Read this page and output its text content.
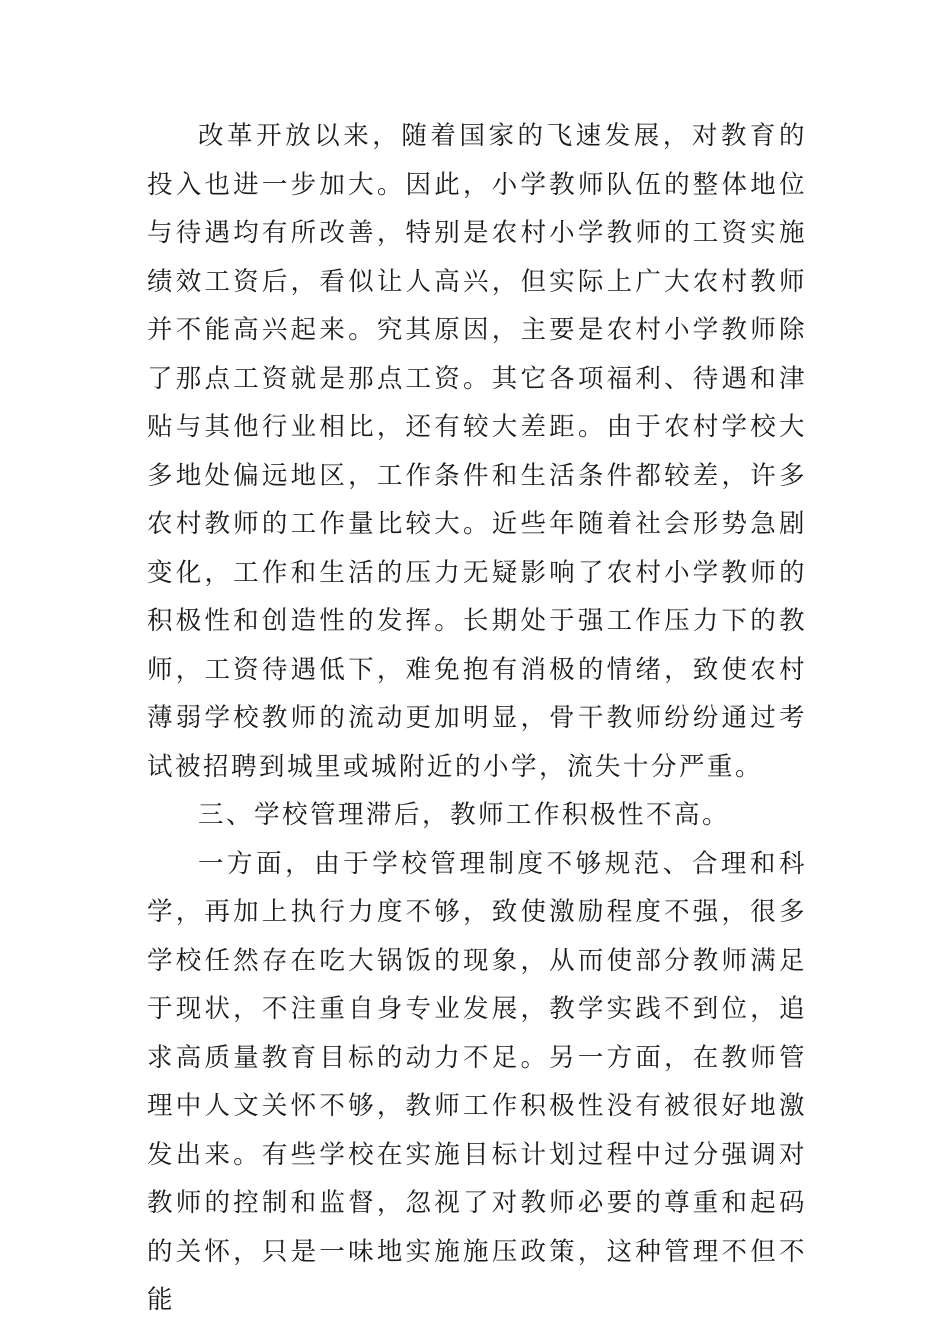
改革开放以来，随着国家的飞速发展，对教育的投入也进一步加大。因此，小学教师队伍的整体地位与待遇均有所改善，特别是农村小学教师的工资实施绩效工资后，看似让人高兴，但实际上广大农村教师并不能高兴起来。究其原因，主要是农村小学教师除了那点工资就是那点工资。其它各项福利、待遇和津贴与其他行业相比，还有较大差距。由于农村学校大多地处偏远地区，工作条件和生活条件都较差，许多农村教师的工作量比较大。近些年随着社会形势急剧变化，工作和生活的压力无疑影响了农村小学教师的积极性和创造性的发挥。长期处于强工作压力下的教师，工资待遇低下，难免抱有消极的情绪，致使农村薄弱学校教师的流动更加明显，骨干教师纷纷通过考试被招聘到城里或城附近的小学，流失十分严重。

三、学校管理滞后，教师工作积极性不高。

一方面，由于学校管理制度不够规范、合理和科学，再加上执行力度不够，致使激励程度不强，很多学校任然存在吃大锅饭的现象，从而使部分教师满足于现状，不注重自身专业发展，教学实践不到位，追求高质量教育目标的动力不足。另一方面，在教师管理中人文关怀不够，教师工作积极性没有被很好地激发出来。有些学校在实施目标计划过程中过分强调对教师的控制和监督，忽视了对教师必要的尊重和起码的关怀，只是一味地实施施压政策，这种管理不但不能
